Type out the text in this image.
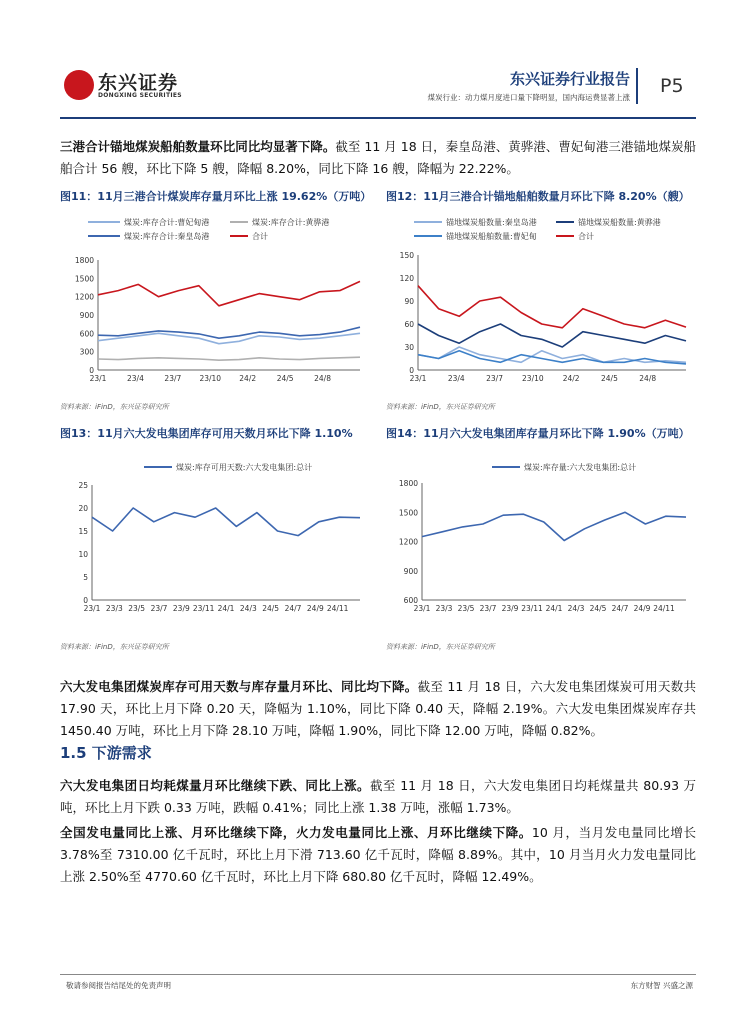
东兴证券
DONGXING SECURITIES
东兴证券行业报告
煤炭行业：动力煤月度进口量下降明显，国内海运费显著上涨
P5
三港合计锚地煤炭船舶数量环比同比均显著下降。截至 11 月 18 日，秦皇岛港、黄骅港、曹妃甸港三港锚地煤炭船舶合计 56 艘，环比下降 5 艘，降幅 8.20%，同比下降 16 艘，降幅为 22.22%。
图11：11月三港合计煤炭库存量月环比上涨 19.62%（万吨） 图12：11月三港合计锚地船舶数量月环比下降 8.20%（艘）
煤炭:库存合计:曹妃甸港	煤炭:库存合计:黄骅港
煤炭:库存合计:秦皇岛港	合计
0
300
600
900
1200
1500
1800
23/1	23/4	23/7 23/10 24/2	24/5	24/8
锚地煤炭船数量:秦皇岛港	锚地煤炭船数量:黄骅港
锚地煤炭船舶数量:曹妃甸	合计
0
30
60
90
120
150
23/1	23/4	23/7	23/10	24/2	24/5	24/8
资料来源：iFinD，东兴证券研究所	资料来源：iFinD，东兴证券研究所
图13：11月六大发电集团库存可用天数月环比下降 1.10%	图14：11月六大发电集团库存量月环比下降 1.90%（万吨）
煤炭:库存可用天数:六大发电集团:总计
0
5
10
15
20
25
23/1 23/3 23/5 23/7 23/9 23/11 24/1 24/3 24/5 24/7 24/9 24/11
煤炭:库存量:六大发电集团:总计
600
900
1200
1500
1800
23/1 23/3 23/5 23/7 23/9 23/11 24/1 24/3 24/5 24/7 24/9 24/11
资料来源：iFinD，东兴证券研究所	资料来源：iFinD，东兴证券研究所
六大发电集团煤炭库存可用天数与库存量月环比、同比均下降。截至 11 月 18 日，六大发电集团煤炭可用天数共 17.90 天，环比上月下降 0.20 天，降幅为 1.10%，同比下降 0.40 天，降幅 2.19%。六大发电集团煤炭库存共 1450.40 万吨，环比上月下降 28.10 万吨，降幅 1.90%，同比下降 12.00 万吨，降幅 0.82%。
1.5 下游需求
六大发电集团日均耗煤量月环比继续下跌、同比上涨。截至 11 月 18 日，六大发电集团日均耗煤量共 80.93 万吨，环比上月下跌 0.33 万吨，跌幅 0.41%；同比上涨 1.38 万吨，涨幅 1.73%。
全国发电量同比上涨、月环比继续下降，火力发电量同比上涨、月环比继续下降。10 月，当月发电量同比增长 3.78%至 7310.00 亿千瓦时，环比上月下滑 713.60 亿千瓦时，降幅 8.89%。其中，10 月当月火力发电量同比上涨 2.50%至 4770.60 亿千瓦时，环比上月下降 680.80 亿千瓦时，降幅 12.49%。
敬请参阅报告结尾处的免责声明	东方财智 兴盛之源
